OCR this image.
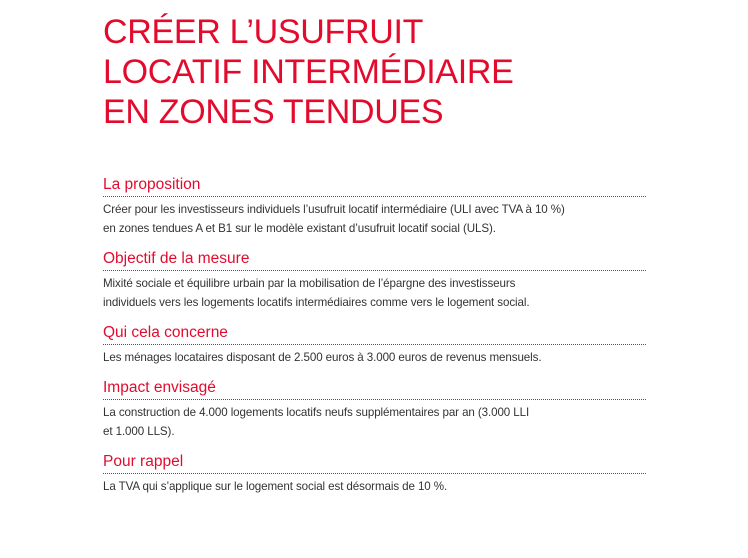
CRÉER L’USUFRUIT
LOCATIF INTERMÉDIAIRE
EN ZONES TENDUES
La proposition

Créer pour les investisseurs individuels l’usufruit locatif intermédiaire (ULI avec TVA à 10 %)
en zones tendues A et B1 sur le modèle existant d’usufruit locatif social (ULS).

Objectif de la mesure

Mixité sociale et équilibre urbain par la mobilisation de l’épargne des investisseurs
individuels vers les logements locatifs intermédiaires comme vers le logement social.

Qui cela concerne

Les ménages locataires disposant de 2.500 euros à 3.000 euros de revenus mensuels.

Impact envisagé

La construction de 4.000 logements locatifs neufs supplémentaires par an (3.000 LLI
et 1.000 LLS).

Pour rappel

La TVA qui s’applique sur le logement social est désormais de 10 %.
